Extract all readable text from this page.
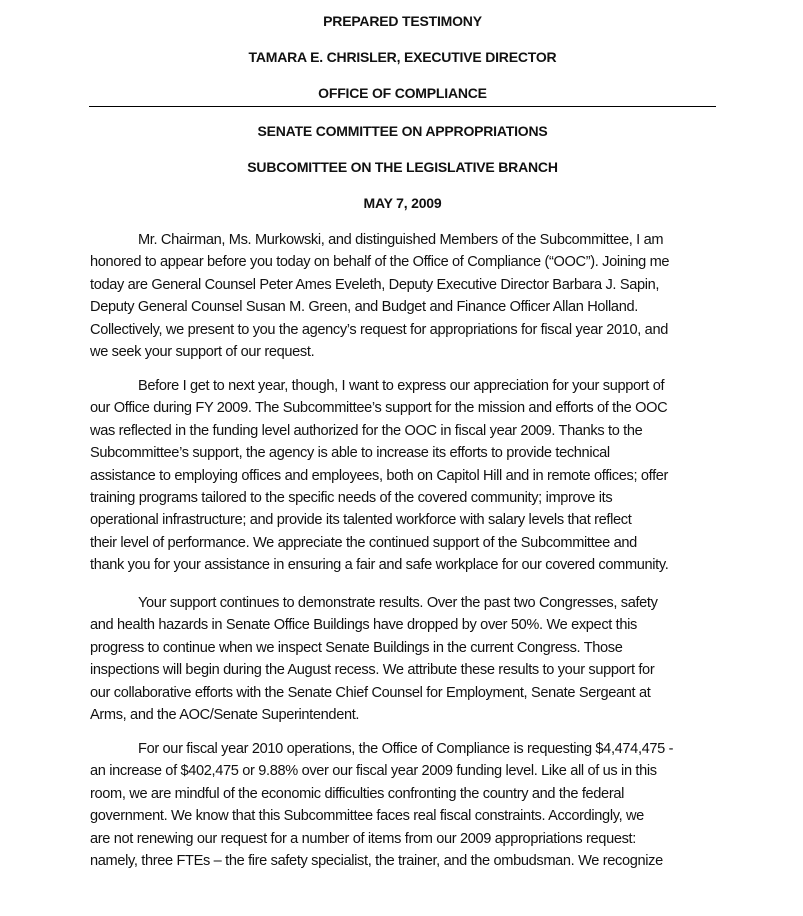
PREPARED TESTIMONY
TAMARA E. CHRISLER, EXECUTIVE DIRECTOR
OFFICE OF COMPLIANCE
SENATE COMMITTEE ON APPROPRIATIONS
SUBCOMITTEE ON THE LEGISLATIVE BRANCH
MAY 7, 2009
Mr. Chairman, Ms. Murkowski, and distinguished Members of the Subcommittee, I am
honored to appear before you today on behalf of the Office of Compliance (“OOC”). Joining me
today are General Counsel Peter Ames Eveleth, Deputy Executive Director Barbara J. Sapin,
Deputy General Counsel Susan M. Green, and Budget and Finance Officer Allan Holland.
Collectively, we present to you the agency’s request for appropriations for fiscal year 2010, and
we seek your support of our request.
Before I get to next year, though, I want to express our appreciation for your support of
our Office during FY 2009. The Subcommittee’s support for the mission and efforts of the OOC
was reflected in the funding level authorized for the OOC in fiscal year 2009. Thanks to the
Subcommittee’s support, the agency is able to increase its efforts to provide technical
assistance to employing offices and employees, both on Capitol Hill and in remote offices; offer
training programs tailored to the specific needs of the covered community; improve its
operational infrastructure; and provide its talented workforce with salary levels that reflect
their level of performance. We appreciate the continued support of the Subcommittee and
thank you for your assistance in ensuring a fair and safe workplace for our covered community.
Your support continues to demonstrate results. Over the past two Congresses, safety
and health hazards in Senate Office Buildings have dropped by over 50%. We expect this
progress to continue when we inspect Senate Buildings in the current Congress. Those
inspections will begin during the August recess. We attribute these results to your support for
our collaborative efforts with the Senate Chief Counsel for Employment, Senate Sergeant at
Arms, and the AOC/Senate Superintendent.
For our fiscal year 2010 operations, the Office of Compliance is requesting $4,474,475 -
an increase of $402,475 or 9.88% over our fiscal year 2009 funding level. Like all of us in this
room, we are mindful of the economic difficulties confronting the country and the federal
government. We know that this Subcommittee faces real fiscal constraints. Accordingly, we
are not renewing our request for a number of items from our 2009 appropriations request:
namely, three FTEs – the fire safety specialist, the trainer, and the ombudsman. We recognize
